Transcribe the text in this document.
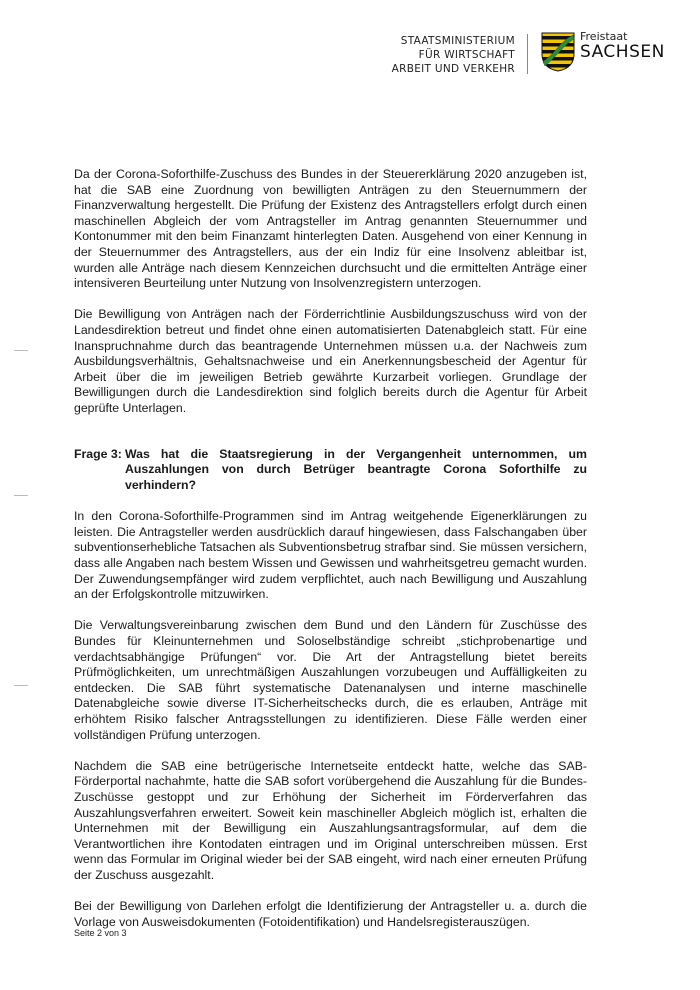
STAATSMINISTERIUM
FÜR WIRTSCHAFT
ARBEIT UND VERKEHR
Freistaat
SACHSEN

Da der Corona-Soforthilfe-Zuschuss des Bundes in der Steuererklärung 2020 anzugeben ist, hat die SAB eine Zuordnung von bewilligten Anträgen zu den Steuernummern der Finanzverwaltung hergestellt. Die Prüfung der Existenz des Antragstellers erfolgt durch einen maschinellen Abgleich der vom Antragsteller im Antrag genannten Steuernummer und Kontonummer mit den beim Finanzamt hinterlegten Daten. Ausgehend von einer Kennung in der Steuernummer des Antragstellers, aus der ein Indiz für eine Insolvenz ableitbar ist, wurden alle Anträge nach diesem Kennzeichen durchsucht und die ermittelten Anträge einer intensiveren Beurteilung unter Nutzung von Insolvenzregistern unterzogen.

Die Bewilligung von Anträgen nach der Förderrichtlinie Ausbildungszuschuss wird von der Landesdirektion betreut und findet ohne einen automatisierten Datenabgleich statt. Für eine Inanspruchnahme durch das beantragende Unternehmen müssen u.a. der Nachweis zum Ausbildungsverhältnis, Gehaltsnachweise und ein Anerkennungsbescheid der Agentur für Arbeit über die im jeweiligen Betrieb gewährte Kurzarbeit vorliegen. Grundlage der Bewilligungen durch die Landesdirektion sind folglich bereits durch die Agentur für Arbeit geprüfte Unterlagen.

Frage 3: Was hat die Staatsregierung in der Vergangenheit unternommen, um Auszahlungen von durch Betrüger beantragte Corona Soforthilfe zu verhindern?

In den Corona-Soforthilfe-Programmen sind im Antrag weitgehende Eigenerklärungen zu leisten. Die Antragsteller werden ausdrücklich darauf hingewiesen, dass Falschangaben über subventionserhebliche Tatsachen als Subventionsbetrug strafbar sind. Sie müssen versichern, dass alle Angaben nach bestem Wissen und Gewissen und wahrheitsgetreu gemacht wurden. Der Zuwendungsempfänger wird zudem verpflichtet, auch nach Bewilligung und Auszahlung an der Erfolgskontrolle mitzuwirken.

Die Verwaltungsvereinbarung zwischen dem Bund und den Ländern für Zuschüsse des Bundes für Kleinunternehmen und Soloselbständige schreibt „stichprobenartige und verdachtsabhängige Prüfungen“ vor. Die Art der Antragstellung bietet bereits Prüfmöglichkeiten, um unrechtmäßigen Auszahlungen vorzubeugen und Auffälligkeiten zu entdecken. Die SAB führt systematische Datenanalysen und interne maschinelle Datenabgleiche sowie diverse IT-Sicherheitschecks durch, die es erlauben, Anträge mit erhöhtem Risiko falscher Antragsstellungen zu identifizieren. Diese Fälle werden einer vollständigen Prüfung unterzogen.

Nachdem die SAB eine betrügerische Internetseite entdeckt hatte, welche das SAB-Förderportal nachahmte, hatte die SAB sofort vorübergehend die Auszahlung für die Bundes-Zuschüsse gestoppt und zur Erhöhung der Sicherheit im Förderverfahren das Auszahlungsverfahren erweitert. Soweit kein maschineller Abgleich möglich ist, erhalten die Unternehmen mit der Bewilligung ein Auszahlungsantragsformular, auf dem die Verantwortlichen ihre Kontodaten eintragen und im Original unterschreiben müssen. Erst wenn das Formular im Original wieder bei der SAB eingeht, wird nach einer erneuten Prüfung der Zuschuss ausgezahlt.

Bei der Bewilligung von Darlehen erfolgt die Identifizierung der Antragsteller u. a. durch die Vorlage von Ausweisdokumenten (Fotoidentifikation) und Handelsregisterauszügen.

Seite 2 von 3
